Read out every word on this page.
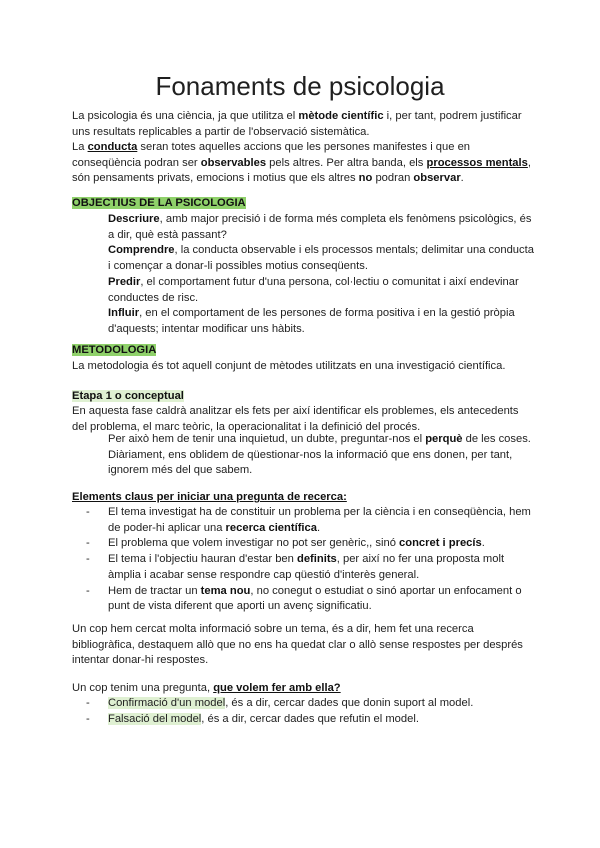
Fonaments de psicologia

La psicologia és una ciència, ja que utilitza el mètode científic i, per tant, podrem justificar uns resultats replicables a partir de l'observació sistemàtica.

La conducta seran totes aquelles accions que les persones manifestes i que en conseqüència podran ser observables pels altres. Per altra banda, els processos mentals, són pensaments privats, emocions i motius que els altres no podran observar.

OBJECTIUS DE LA PSICOLOGIA

Descriure, amb major precisió i de forma més completa els fenòmens psicològics, és a dir, què està passant?

Comprendre, la conducta observable i els processos mentals; delimitar una conducta i començar a donar-li possibles motius conseqüents.

Predir, el comportament futur d'una persona, col·lectiu o comunitat i així endevinar conductes de risc.

Influir, en el comportament de les persones de forma positiva i en la gestió pròpia d'aquests; intentar modificar uns hàbits.

METODOLOGIA

La metodologia és tot aquell conjunt de mètodes utilitzats en una investigació científica.

Etapa 1 o conceptual

En aquesta fase caldrà analitzar els fets per així identificar els problemes, els antecedents del problema, el marc teòric, la operacionalitat i la definició del procés.

Per això hem de tenir una inquietud, un dubte, preguntar-nos el perquè de les coses. Diàriament, ens oblidem de qüestionar-nos la informació que ens donen, per tant, ignorem més del que sabem.

Elements claus per iniciar una pregunta de recerca:

- El tema investigat ha de constituir un problema per la ciència i en conseqüència, hem de poder-hi aplicar una recerca científica.
- El problema que volem investigar no pot ser genèric,, sinó concret i precís.
- El tema i l'objectiu hauran d'estar ben definits, per així no fer una proposta molt àmplia i acabar sense respondre cap qüestió d'interès general.
- Hem de tractar un tema nou, no conegut o estudiat o sinó aportar un enfocament o punt de vista diferent que aporti un avenç significatiu.

Un cop hem cercat molta informació sobre un tema, és a dir, hem fet una recerca bibliogràfica, destaquem allò que no ens ha quedat clar o allò sense respostes per després intentar donar-hi respostes.

Un cop tenim una pregunta, que volem fer amb ella?

- Confirmació d'un model, és a dir, cercar dades que donin suport al model.
- Falsació del model, és a dir, cercar dades que refutin el model.
